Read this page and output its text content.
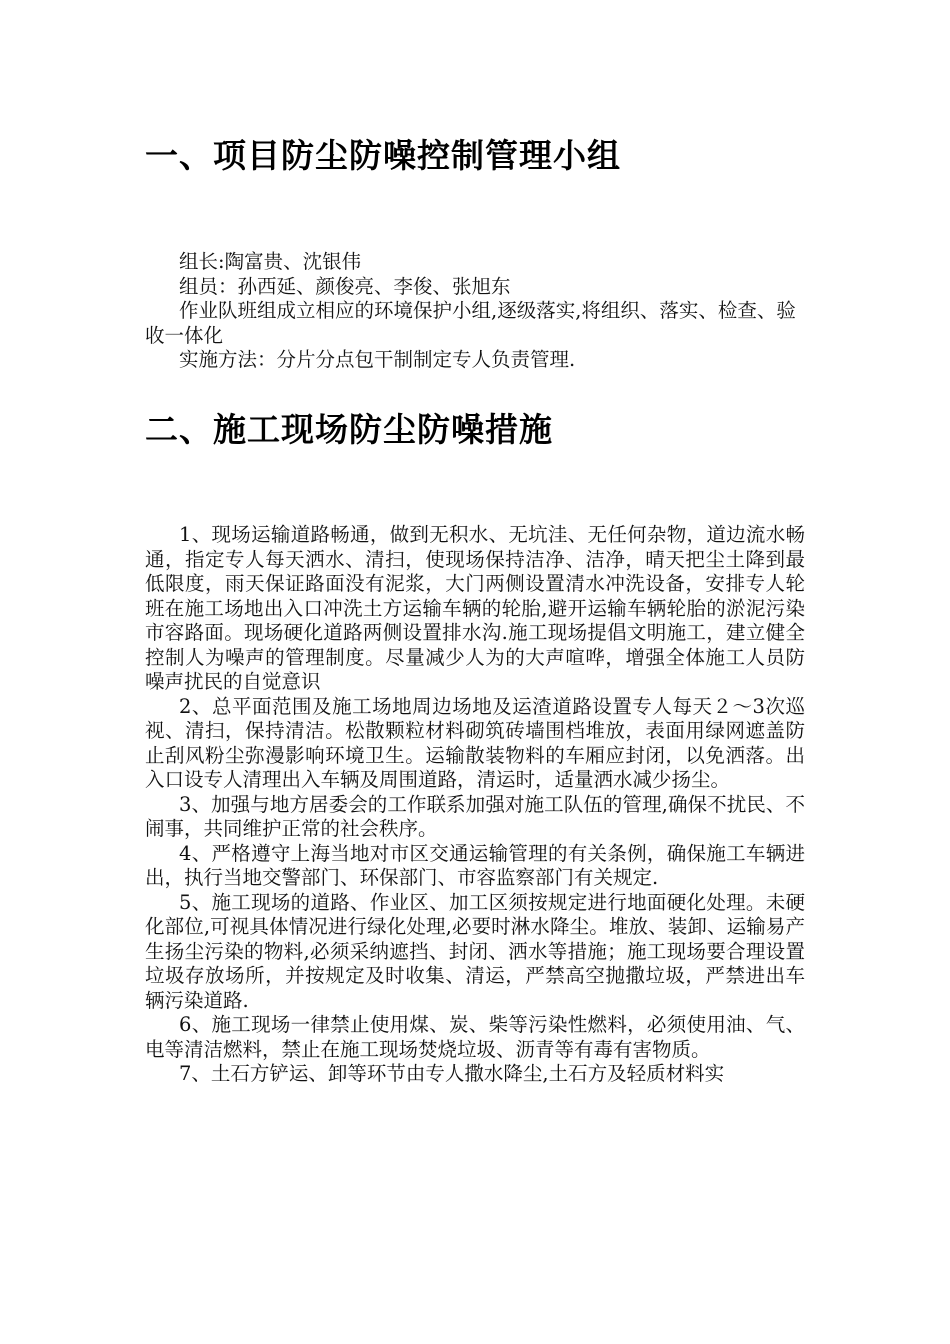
一、项目防尘防噪控制管理小组

组长:陶富贵、沈银伟

组员：孙西延、颜俊亮、李俊、张旭东

作业队班组成立相应的环境保护小组,逐级落实,将组织、落实、检查、验收一体化

实施方法：分片分点包干制制定专人负责管理.

二、施工现场防尘防噪措施

1、现场运输道路畅通，做到无积水、无坑洼、无任何杂物，道边流水畅通，指定专人每天洒水、清扫，使现场保持洁净、洁净，晴天把尘土降到最低限度，雨天保证路面没有泥浆，大门两侧设置清水冲洗设备，安排专人轮班在施工场地出入口冲洗土方运输车辆的轮胎,避开运输车辆轮胎的淤泥污染市容路面。现场硬化道路两侧设置排水沟.施工现场提倡文明施工，建立健全控制人为噪声的管理制度。尽量减少人为的大声喧哗，增强全体施工人员防噪声扰民的自觉意识

2、总平面范围及施工场地周边场地及运渣道路设置专人每天２～3次巡视、清扫，保持清洁。松散颗粒材料砌筑砖墙围档堆放，表面用绿网遮盖防止刮风粉尘弥漫影响环境卫生。运输散装物料的车厢应封闭，以免洒落。出入口设专人清理出入车辆及周围道路，清运时，适量洒水减少扬尘。

3、加强与地方居委会的工作联系加强对施工队伍的管理,确保不扰民、不闹事，共同维护正常的社会秩序。

4、严格遵守上海当地对市区交通运输管理的有关条例，确保施工车辆进出，执行当地交警部门、环保部门、市容监察部门有关规定.

5、施工现场的道路、作业区、加工区须按规定进行地面硬化处理。未硬化部位,可视具体情况进行绿化处理,必要时淋水降尘。堆放、装卸、运输易产生扬尘污染的物料,必须采纳遮挡、封闭、洒水等措施；施工现场要合理设置垃圾存放场所，并按规定及时收集、清运，严禁高空抛撒垃圾，严禁进出车辆污染道路.

6、施工现场一律禁止使用煤、炭、柴等污染性燃料，必须使用油、气、电等清洁燃料，禁止在施工现场焚烧垃圾、沥青等有毒有害物质。

7、土石方铲运、卸等环节由专人撒水降尘,土石方及轻质材料实
